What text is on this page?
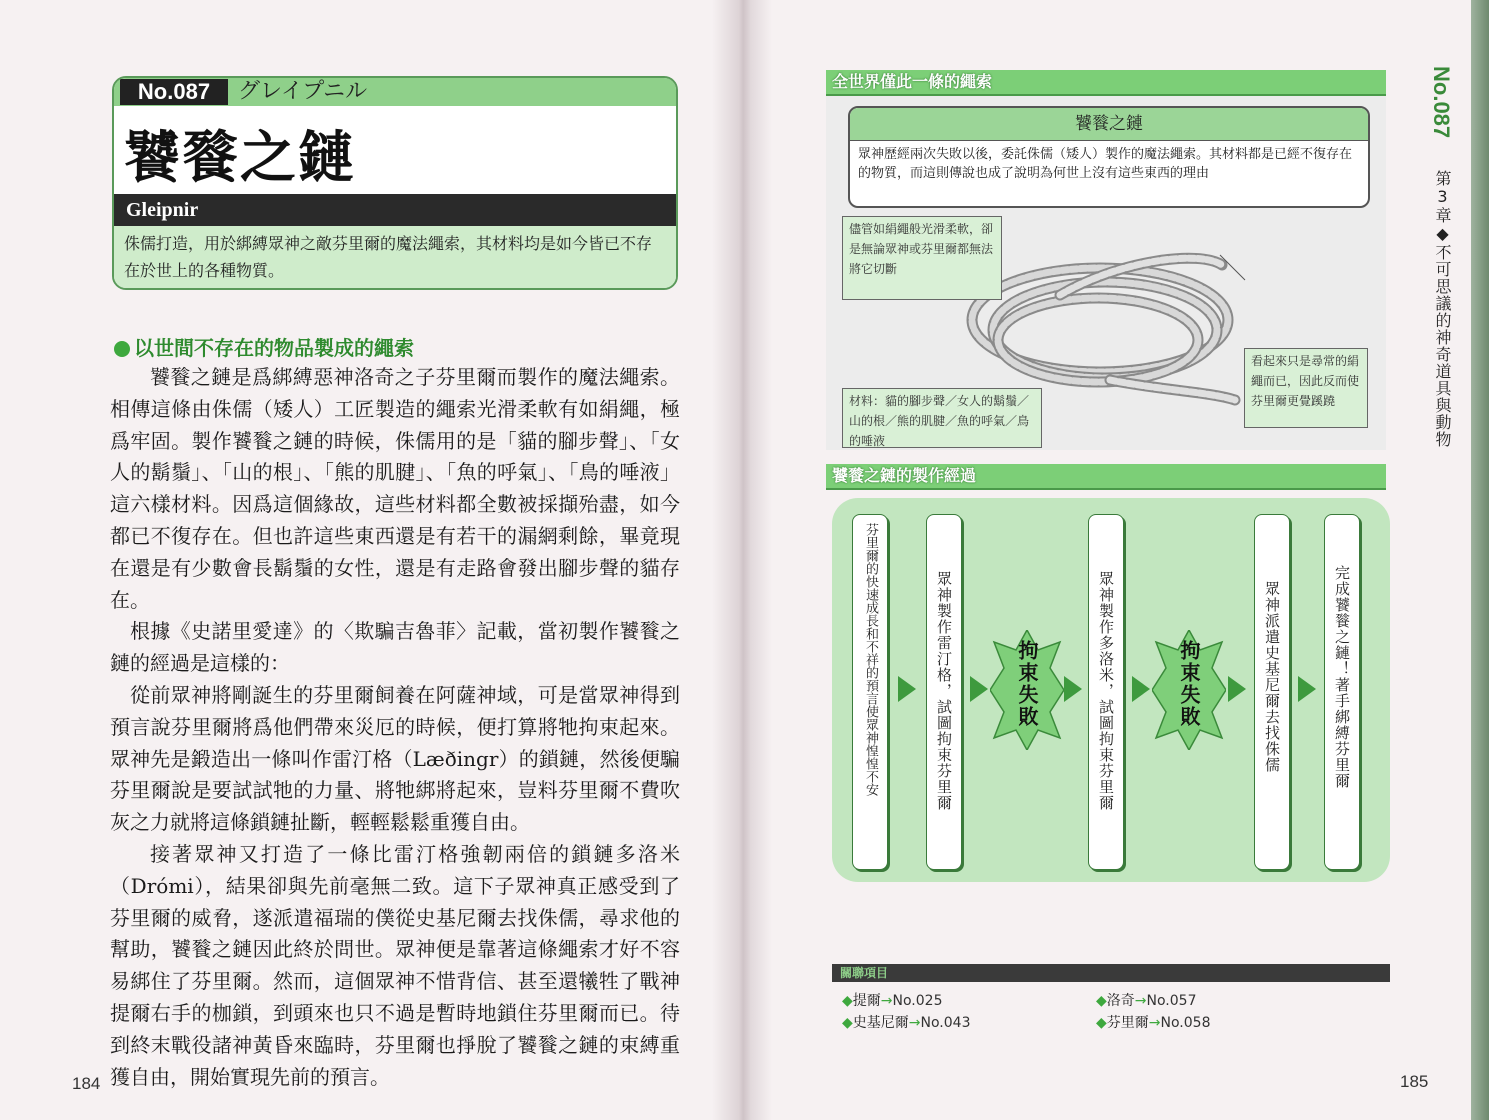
No.087	グレイプニル
饕餮之鏈
Gleipnir
侏儒打造，用於綁縛眾神之敵芬里爾的魔法繩索，其材料均是如今皆已不存在於世上的各種物質。
以世間不存在的物品製成的繩索

饕餮之鏈是爲綁縛惡神洛奇之子芬里爾而製作的魔法繩索。相傳這條由侏儒（矮人）工匠製造的繩索光滑柔軟有如絹繩，極爲牢固。製作饕餮之鏈的時候，侏儒用的是「貓的腳步聲」、「女人的鬍鬚」、「山的根」、「熊的肌腱」、「魚的呼氣」、「鳥的唾液」這六樣材料。因爲這個緣故，這些材料都全數被採擷殆盡，如今都已不復存在。但也許這些東西還是有若干的漏網剩餘，畢竟現在還是有少數會長鬍鬚的女性，還是有走路會發出腳步聲的貓存在。

根據《史諾里愛達》的〈欺騙吉魯菲〉記載，當初製作饕餮之鏈的經過是這樣的：

從前眾神將剛誕生的芬里爾飼養在阿薩神域，可是當眾神得到預言說芬里爾將爲他們帶來災厄的時候，便打算將牠拘束起來。眾神先是鍛造出一條叫作雷汀格（Læðingr）的鎖鏈，然後便騙芬里爾說是要試試牠的力量、將牠綁將起來，豈料芬里爾不費吹灰之力就將這條鎖鏈扯斷，輕輕鬆鬆重獲自由。

接著眾神又打造了一條比雷汀格強韌兩倍的鎖鏈多洛米（Drómi），結果卻與先前毫無二致。這下子眾神真正感受到了芬里爾的威脅，遂派遣福瑞的僕從史基尼爾去找侏儒，尋求他的幫助，饕餮之鏈因此終於問世。眾神便是靠著這條繩索才好不容易綁住了芬里爾。然而，這個眾神不惜背信、甚至還犧牲了戰神提爾右手的枷鎖，到頭來也只不過是暫時地鎖住芬里爾而已。待到終末戰役諸神黃昏來臨時，芬里爾也掙脫了饕餮之鏈的束縛重獲自由，開始實現先前的預言。

184
全世界僅此一條的繩索
饕餮之鏈
眾神歷經兩次失敗以後，委託侏儒（矮人）製作的魔法繩索。其材料都是已經不復存在的物質，而這則傳說也成了說明為何世上沒有這些東西的理由
儘管如絹繩般光滑柔軟，卻是無論眾神或芬里爾都無法將它切斷
材料：貓的腳步聲／女人的鬍鬚／山的根／熊的肌腱／魚的呼氣／鳥的唾液
看起來只是尋常的絹繩而已，因此反而使芬里爾更覺蹊蹺
饕餮之鏈的製作經過
芬里爾的快速成長和不祥的預言使眾神惶惶不安	眾神製作雷汀格，試圖拘束芬里爾	拘束失敗	眾神製作多洛米，試圖拘束芬里爾	拘束失敗	眾神派遣史基尼爾去找侏儒	完成饕餮之鏈！著手綁縛芬里爾
關聯項目
◆提爾→No.025
◆史基尼爾→No.043
◆洛奇→No.057
◆芬里爾→No.058
No.087
第3章◆不可思議的神奇道具與動物
185
